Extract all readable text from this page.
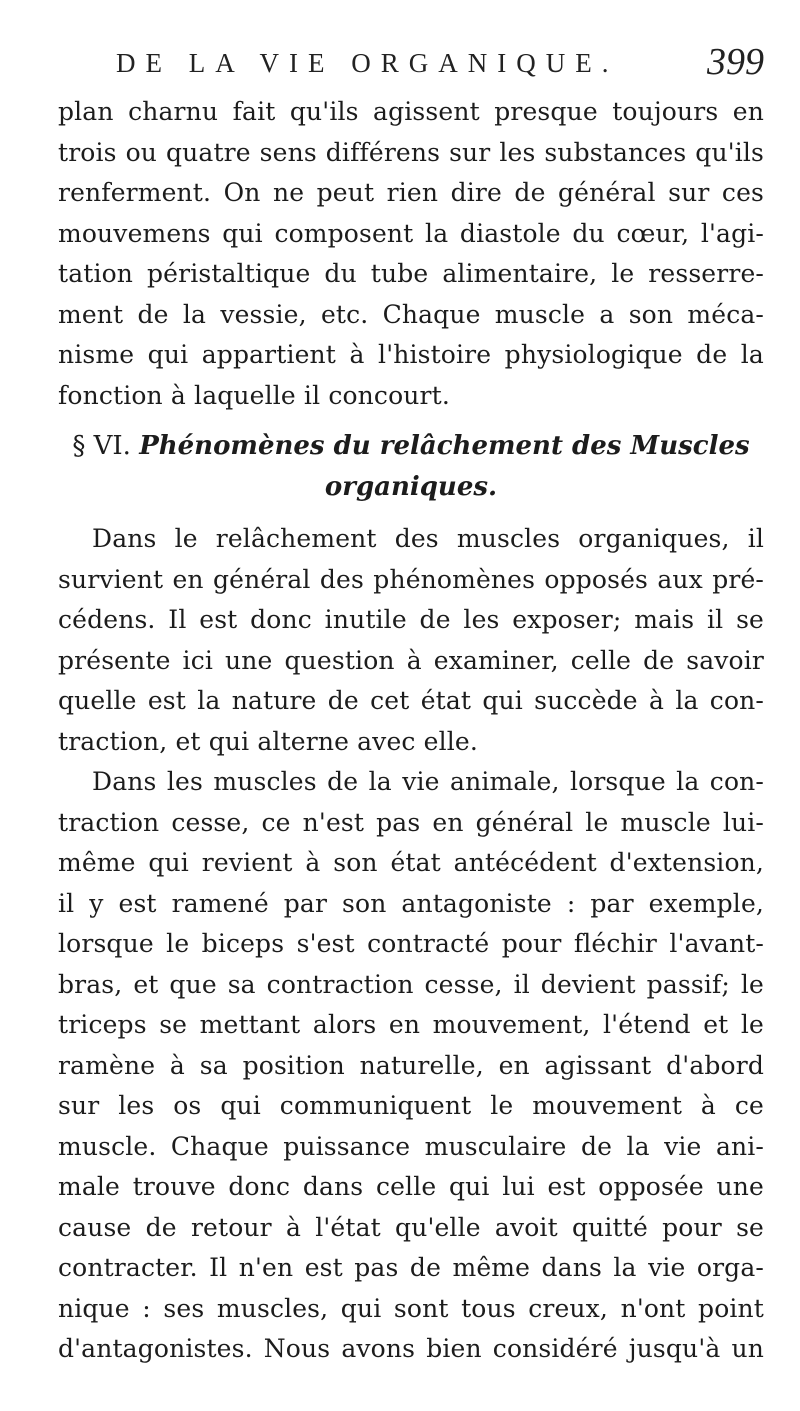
DE LA VIE ORGANIQUE. 399

plan charnu fait qu'ils agissent presque toujours en
trois ou quatre sens différens sur les substances qu'ils
renferment. On ne peut rien dire de général sur ces
mouvemens qui composent la diastole du cœur, l'agi-
tation péristaltique du tube alimentaire, le resserre-
ment de la vessie, etc. Chaque muscle a son méca-
nisme qui appartient à l'histoire physiologique de la
fonction à laquelle il concourt.

§ VI. Phénomènes du relâchement des Muscles
organiques.

Dans le relâchement des muscles organiques, il
survient en général des phénomènes opposés aux pré-
cédens. Il est donc inutile de les exposer; mais il se
présente ici une question à examiner, celle de savoir
quelle est la nature de cet état qui succède à la con-
traction, et qui alterne avec elle.

Dans les muscles de la vie animale, lorsque la con-
traction cesse, ce n'est pas en général le muscle lui-
même qui revient à son état antécédent d'extension,
il y est ramené par son antagoniste : par exemple,
lorsque le biceps s'est contracté pour fléchir l'avant-
bras, et que sa contraction cesse, il devient passif; le
triceps se mettant alors en mouvement, l'étend et le
ramène à sa position naturelle, en agissant d'abord
sur les os qui communiquent le mouvement à ce
muscle. Chaque puissance musculaire de la vie ani-
male trouve donc dans celle qui lui est opposée une
cause de retour à l'état qu'elle avoit quitté pour se
contracter. Il n'en est pas de même dans la vie orga-
nique : ses muscles, qui sont tous creux, n'ont point
d'antagonistes. Nous avons bien considéré jusqu'à un
